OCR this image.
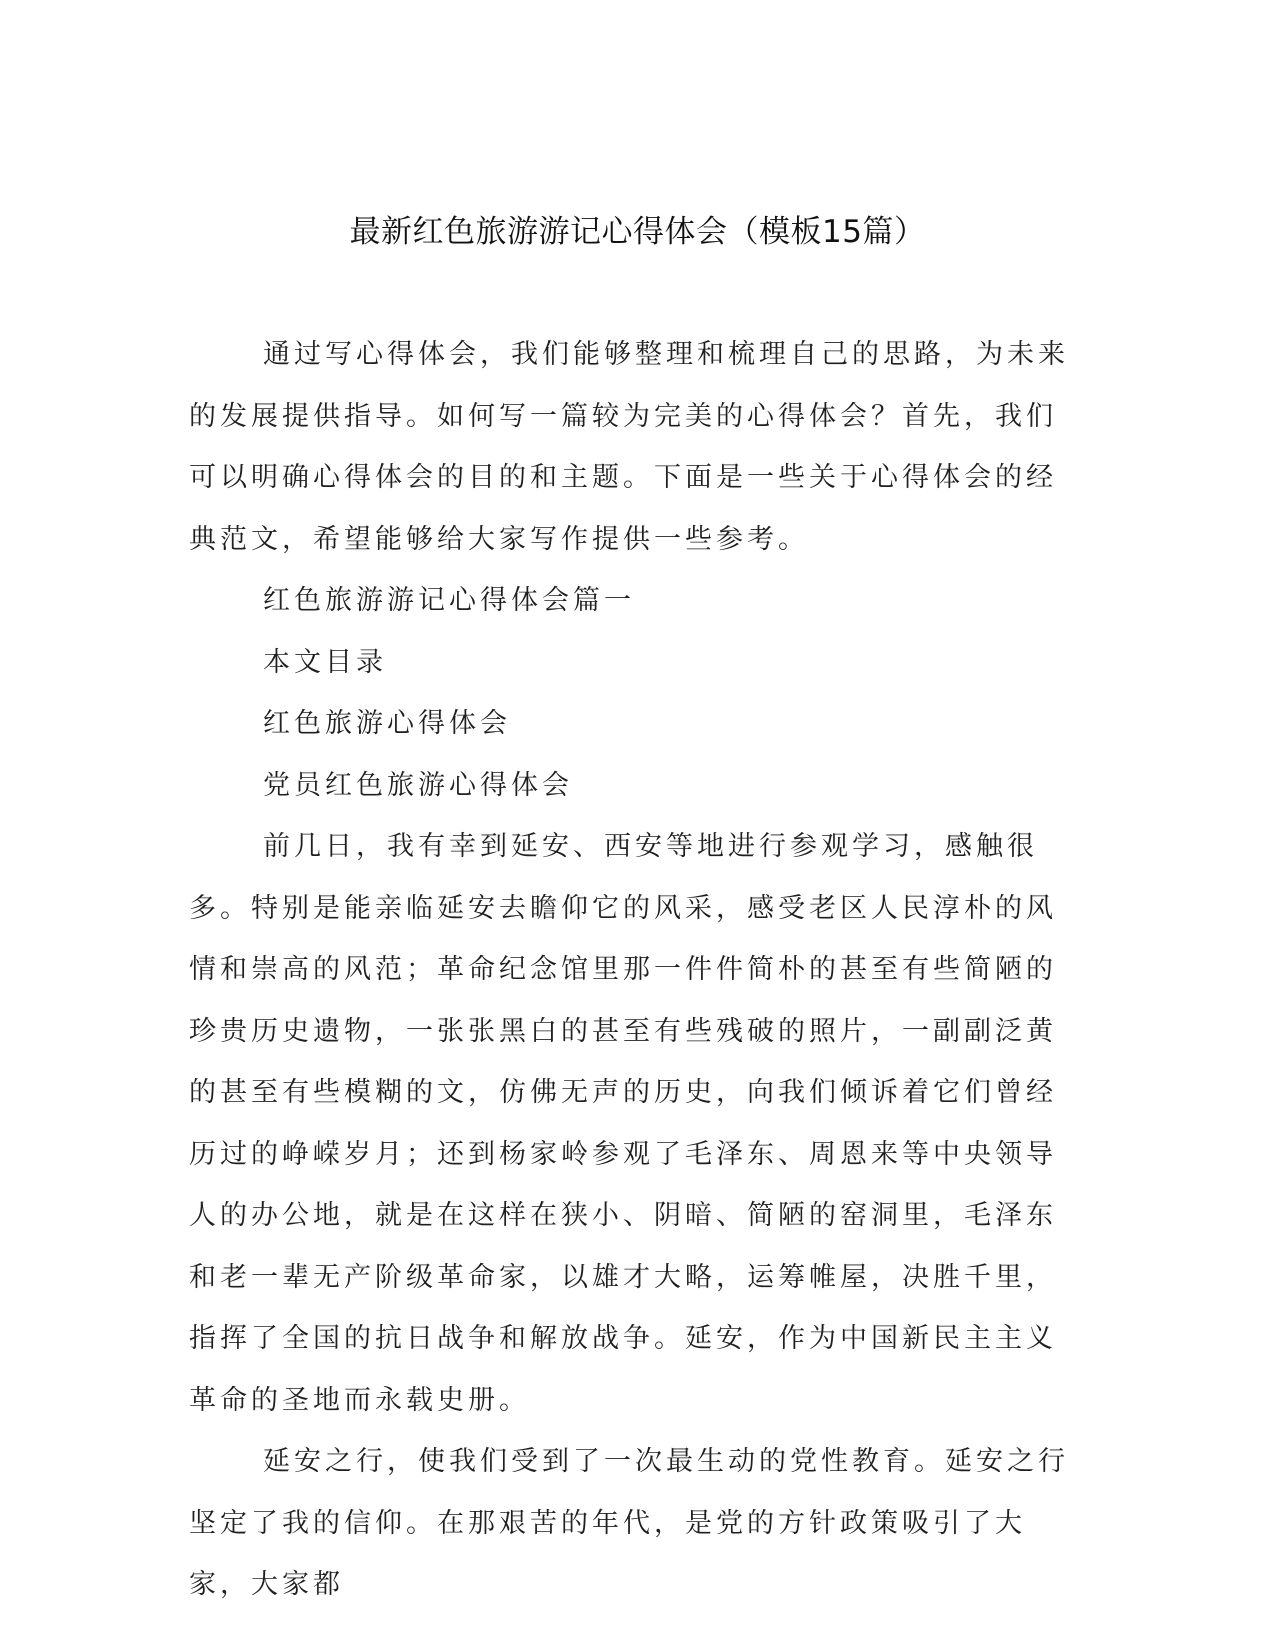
最新红色旅游游记心得体会（模板15篇）

通过写心得体会，我们能够整理和梳理自己的思路，为未来的发展提供指导。如何写一篇较为完美的心得体会？首先，我们可以明确心得体会的目的和主题。下面是一些关于心得体会的经典范文，希望能够给大家写作提供一些参考。

红色旅游游记心得体会篇一

本文目录

红色旅游心得体会

党员红色旅游心得体会

前几日，我有幸到延安、西安等地进行参观学习，感触很多。特别是能亲临延安去瞻仰它的风采，感受老区人民淳朴的风情和崇高的风范；革命纪念馆里那一件件简朴的甚至有些简陋的珍贵历史遗物，一张张黑白的甚至有些残破的照片，一副副泛黄的甚至有些模糊的文，仿佛无声的历史，向我们倾诉着它们曾经历过的峥嵘岁月；还到杨家岭参观了毛泽东、周恩来等中央领导人的办公地，就是在这样在狭小、阴暗、简陋的窑洞里，毛泽东和老一辈无产阶级革命家，以雄才大略，运筹帷屋，决胜千里，指挥了全国的抗日战争和解放战争。延安，作为中国新民主主义革命的圣地而永载史册。

延安之行，使我们受到了一次最生动的党性教育。延安之行坚定了我的信仰。在那艰苦的年代，是党的方针政策吸引了大家，大家都
